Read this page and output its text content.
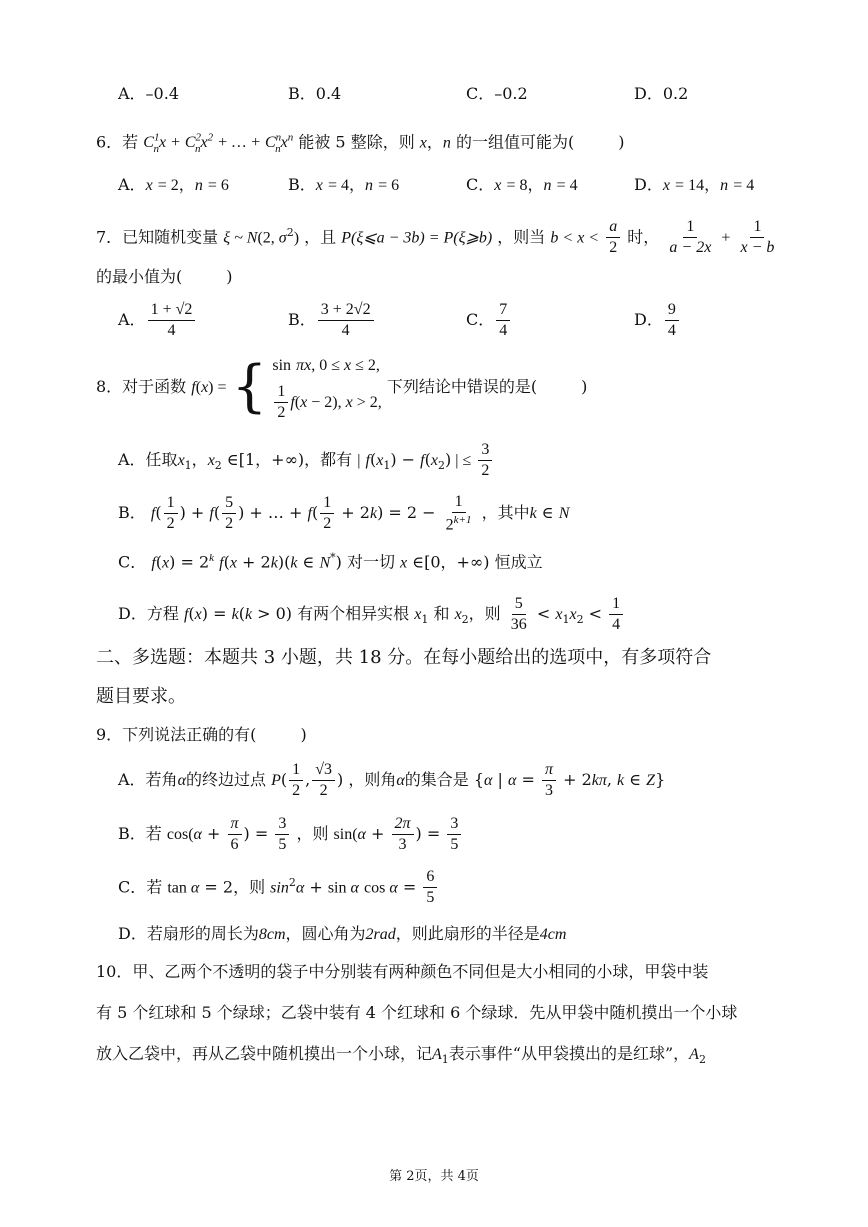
A．–0.4	B．0.4	C．–0.2	D．0.2
6．若 $C^1_nx + C^2_nx^2$ + … + $C^n_nx^n$ 能被 5 整除，则 x，n 的一组值可能为(	)
A．x = 2，n = 6	B．x = 4，n = 6	C．x = 8，n = 4	D．x = 14，n = 4
7．已知随机变量 ξ ~ N(2, $\sigma^2$) ，且 P(ξ⩽a − 3b) = P(ξ⩾b) ，则当 $b < x < \frac{a}{2}$ 时， $\frac{1}{a - 2x} + \frac{1}{x - b}$
的最小值为(	)
A． $\frac{1 + √2}{4}$	B． $\frac{3 + 2√2}{4}$	C． $\frac{7}{4}$	D． $\frac{9}{4}$
8．对于函数 f(x) = { sin πx, 0 ≤ x ≤ 2,
$\frac{1}{2} f(x - 2)$, x > 2,
下列结论中错误的是(	)
A．任取$x_1$，$x_2$ ∈[1，+∞)，都有 | $f(x_1) - f(x_2)$ | ≤ $\frac{3}{2}$
B． $f( \frac{1}{2}$ ) + $f( \frac{5}{2}$ ) + … + $f( \frac{1}{2} + 2k) = 2 - \frac{1}{2^{k+1}}$ ，其中k ∈ N
C． $f(x) = 2^k$ f(x + 2k)(k ∈ N*) 对一切 x ∈[0，+∞) 恒成立
D．方程 f(x) = k(k > 0) 有两个相异实根 $x_1$ 和 $x_2$，则 $\frac{5}{36} < x_1x_2 < \frac{1}{4}$
二、多选题：本题共 3 小题，共 18 分。在每小题给出的选项中，有多项符合
题目要求。
9．下列说法正确的有(	)
A．若角α的终边过点 $P( \frac{1}{2}$ , $\frac{√3}{2}$ ) ，则角α的集合是 {α | $\alpha = \frac{\pi}{3} + 2k\pi$, k ∈ Z}
B．若 $\cos(\alpha + \frac{\pi}{6}$ ) = $\frac{3}{5}$ ，则 $\sin(\alpha + \frac{2\pi}{3}$ ) = $\frac{3}{5}$
C．若 tan α = 2，则 $\sin^2\alpha + \sin \alpha$ $\cos \alpha = \frac{6}{5}$
D．若扇形的周长为8cm，圆心角为2rad，则此扇形的半径是4cm
10．甲、乙两个不透明的袋子中分别装有两种颜色不同但是大小相同的小球，甲袋中装
有 5 个红球和 5 个绿球；乙袋中装有 4 个红球和 6 个绿球．先从甲袋中随机摸出一个小球
放入乙袋中，再从乙袋中随机摸出一个小球，记$A_1$表示事件“从甲袋摸出的是红球”，$A_2$
第 2页，共 4页
